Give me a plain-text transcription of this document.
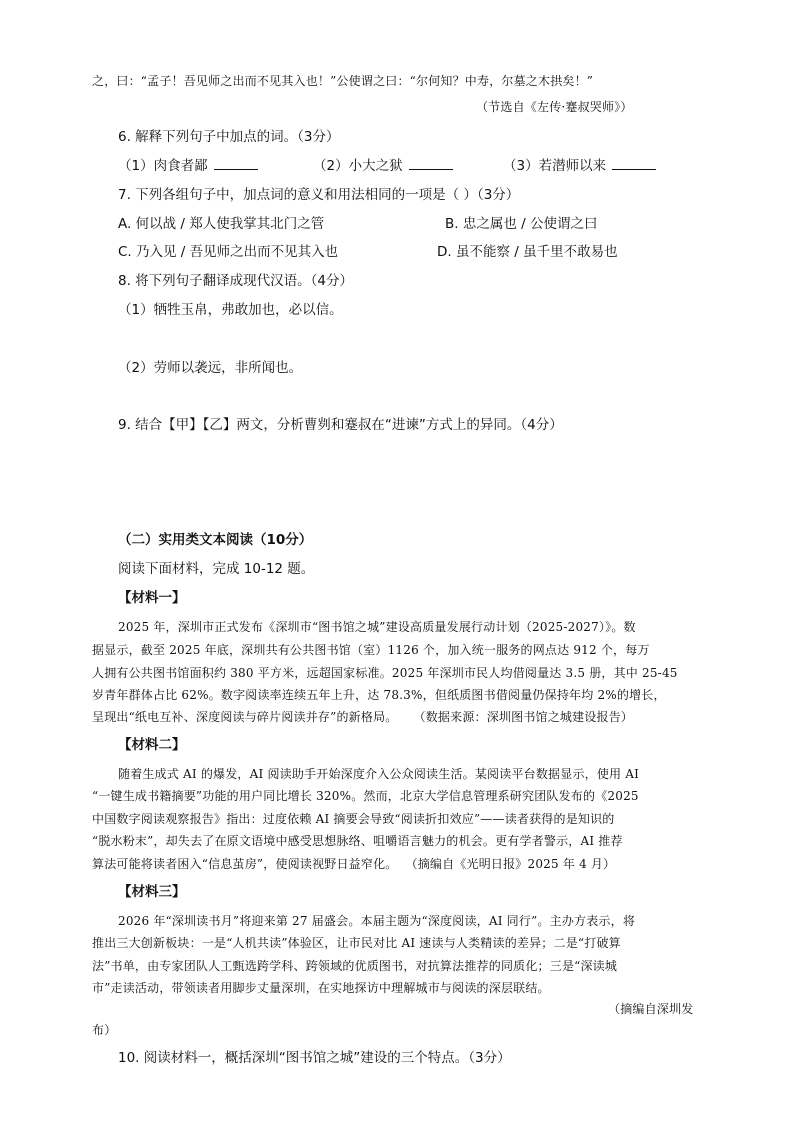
之，曰：“孟子！吾见师之出而不见其入也！”公使谓之曰：“尔何知？中寿，尔墓之木拱矣！”
（节选自《左传·蹇叔哭师》）
6. 解释下列句子中加点的词。（3分）
（1）肉食者鄙	（2）小大之狱	（3）若潜师以来
7. 下列各组句子中，加点词的意义和用法相同的一项是（ ）（3分）
A. 何以战 / 郑人使我掌其北门之管	B. 忠之属也 / 公使谓之曰
C. 乃入见 / 吾见师之出而不见其入也	D. 虽不能察 / 虽千里不敢易也
8. 将下列句子翻译成现代汉语。（4分）
（1）牺牲玉帛，弗敢加也，必以信。
（2）劳师以袭远，非所闻也。
9. 结合【甲】【乙】两文，分析曹刿和蹇叔在“进谏”方式上的异同。（4分）
（二）实用类文本阅读（10分）
阅读下面材料，完成 10-12 题。
【材料一】
2025 年，深圳市正式发布《深圳市“图书馆之城”建设高质量发展行动计划（2025-2027）》。数
据显示，截至 2025 年底，深圳共有公共图书馆（室）1126 个，加入统一服务的网点达 912 个，每万
人拥有公共图书馆面积约 380 平方米，远超国家标准。2025 年深圳市民人均借阅量达 3.5 册，其中 25-45
岁青年群体占比 62%。数字阅读率连续五年上升，达 78.3%，但纸质图书借阅量仍保持年均 2%的增长，
呈现出“纸电互补、深度阅读与碎片阅读并存”的新格局。    （数据来源：深圳图书馆之城建设报告）
【材料二】
随着生成式 AI 的爆发，AI 阅读助手开始深度介入公众阅读生活。某阅读平台数据显示，使用 AI
“一键生成书籍摘要”功能的用户同比增长 320%。然而，北京大学信息管理系研究团队发布的《2025
中国数字阅读观察报告》指出：过度依赖 AI 摘要会导致“阅读折扣效应”——读者获得的是知识的
“脱水粉末”，却失去了在原文语境中感受思想脉络、咀嚼语言魅力的机会。更有学者警示，AI 推荐
算法可能将读者困入“信息茧房”，使阅读视野日益窄化。  （摘编自《光明日报》2025 年 4 月）
【材料三】
2026 年“深圳读书月”将迎来第 27 届盛会。本届主题为“深度阅读，AI 同行”。主办方表示，将
推出三大创新板块：一是“人机共读”体验区，让市民对比 AI 速读与人类精读的差异；二是“打破算
法”书单，由专家团队人工甄选跨学科、跨领域的优质图书，对抗算法推荐的同质化；三是“深读城
市”走读活动，带领读者用脚步丈量深圳，在实地探访中理解城市与阅读的深层联结。
（摘编自深圳发
布）
10. 阅读材料一，概括深圳“图书馆之城”建设的三个特点。（3分）
